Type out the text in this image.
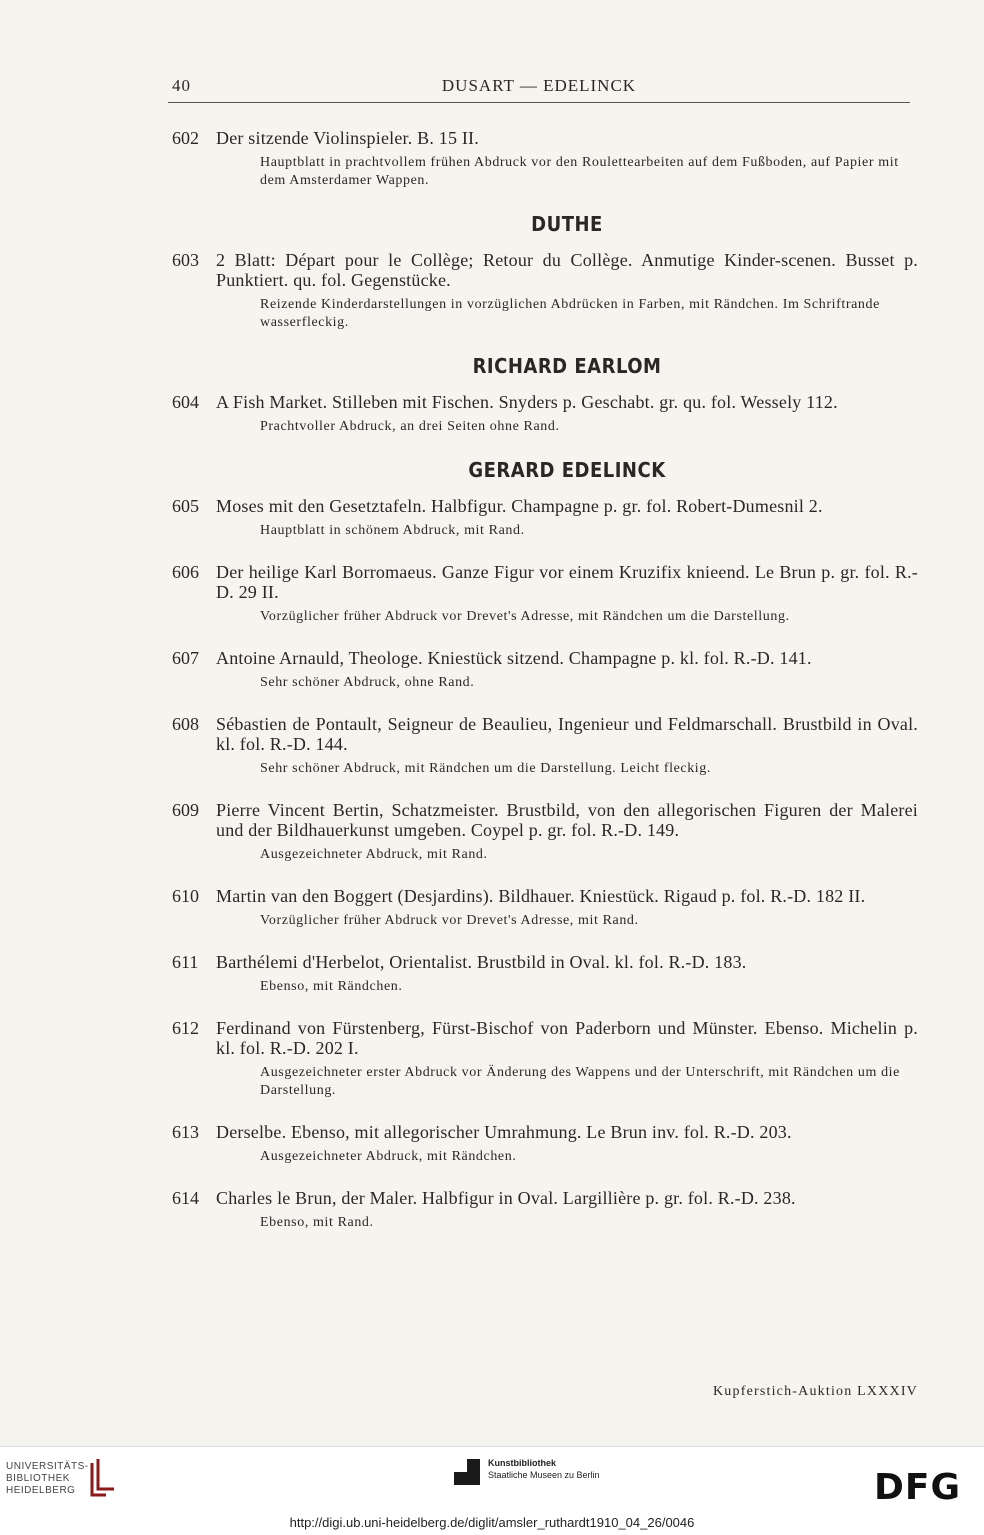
40	DUSART — EDELINCK
602 Der sitzende Violinspieler. B. 15 II.
Hauptblatt in prachtvollem frühen Abdruck vor den Roulettearbeiten auf dem Fußboden, auf Papier mit dem Amsterdamer Wappen.
DUTHE
603 2 Blatt: Départ pour le Collège; Retour du Collège. Anmutige Kinder-scenen. Busset p. Punktiert. qu. fol. Gegenstücke.
Reizende Kinderdarstellungen in vorzüglichen Abdrücken in Farben, mit Rändchen. Im Schriftrande wasserfleckig.
RICHARD EARLOM
604 A Fish Market. Stilleben mit Fischen. Snyders p. Geschabt. gr. qu. fol. Wessely 112.
Prachtvoller Abdruck, an drei Seiten ohne Rand.
GERARD EDELINCK
605 Moses mit den Gesetztafeln. Halbfigur. Champagne p. gr. fol. Robert-Dumesnil 2.
Hauptblatt in schönem Abdruck, mit Rand.
606 Der heilige Karl Borromaeus. Ganze Figur vor einem Kruzifix knieend. Le Brun p. gr. fol. R.-D. 29 II.
Vorzüglicher früher Abdruck vor Drevet's Adresse, mit Rändchen um die Darstellung.
607 Antoine Arnauld, Theologe. Kniestück sitzend. Champagne p. kl. fol. R.-D. 141.
Sehr schöner Abdruck, ohne Rand.
608 Sébastien de Pontault, Seigneur de Beaulieu, Ingenieur und Feldmarschall. Brustbild in Oval. kl. fol. R.-D. 144.
Sehr schöner Abdruck, mit Rändchen um die Darstellung. Leicht fleckig.
609 Pierre Vincent Bertin, Schatzmeister. Brustbild, von den allegorischen Figuren der Malerei und der Bildhauerkunst umgeben. Coypel p. gr. fol. R.-D. 149.
Ausgezeichneter Abdruck, mit Rand.
610 Martin van den Boggert (Desjardins). Bildhauer. Kniestück. Rigaud p. fol. R.-D. 182 II.
Vorzüglicher früher Abdruck vor Drevet's Adresse, mit Rand.
611 Barthélemi d'Herbelot, Orientalist. Brustbild in Oval. kl. fol. R.-D. 183.
Ebenso, mit Rändchen.
612 Ferdinand von Fürstenberg, Fürst-Bischof von Paderborn und Münster. Ebenso. Michelin p. kl. fol. R.-D. 202 I.
Ausgezeichneter erster Abdruck vor Änderung des Wappens und der Unterschrift, mit Rändchen um die Darstellung.
613 Derselbe. Ebenso, mit allegorischer Umrahmung. Le Brun inv. fol. R.-D. 203.
Ausgezeichneter Abdruck, mit Rändchen.
614 Charles le Brun, der Maler. Halbfigur in Oval. Largillière p. gr. fol. R.-D. 238.
Ebenso, mit Rand.
Kupferstich-Auktion LXXXIV
UNIVERSITÄTS-
BIBLIOTHEK
HEIDELBERG
Kunstbibliothek
Staatliche Museen zu Berlin	DFG
http://digi.ub.uni-heidelberg.de/diglit/amsler_ruthardt1910_04_26/0046
